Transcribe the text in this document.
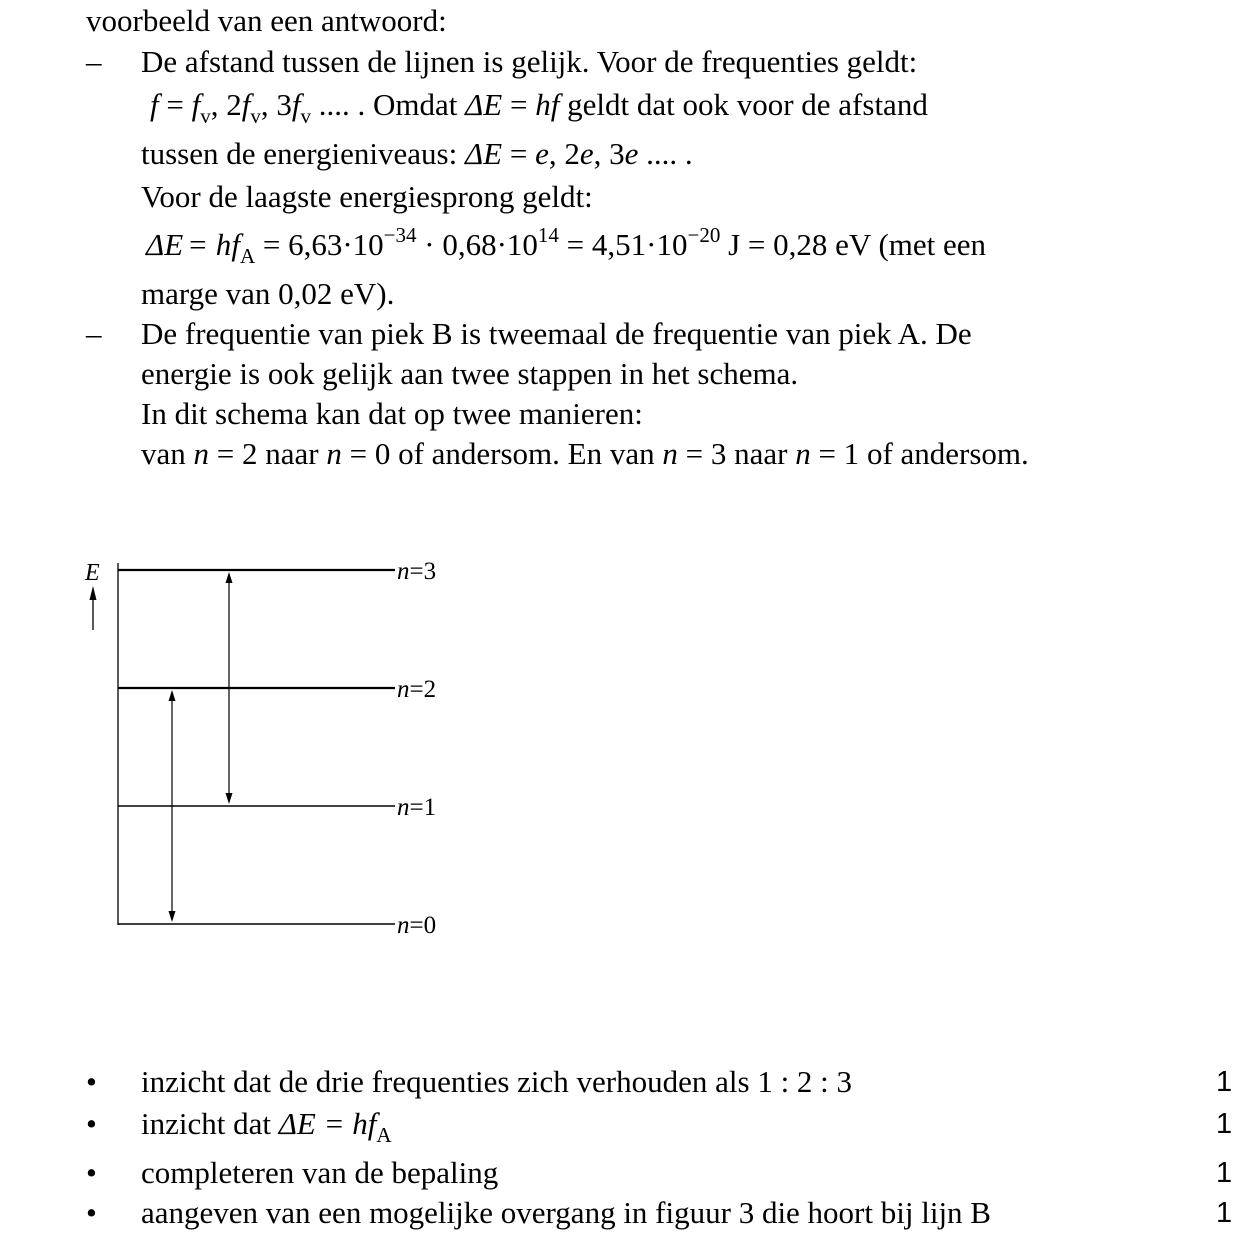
voorbeeld van een antwoord:
– De afstand tussen de lijnen is gelijk. Voor de frequenties geldt:
$f = f_v$, $2f_v$, $3f_v$ .... . Omdat ΔE = hf geldt dat ook voor de afstand
tussen de energieniveaus: ΔE = e, 2e, 3e .... .
Voor de laagste energiesprong geldt:
$\Delta E = hf_A = 6,63\cdot 10^{-34} \cdot 0,68\cdot 10^{14} = 4,51\cdot 10^{-20}$ J = 0,28 eV (met een
marge van 0,02 eV).
– De frequentie van piek B is tweemaal de frequentie van piek A. De
energie is ook gelijk aan twee stappen in het schema.
In dit schema kan dat op twee manieren:
van n = 2 naar n = 0 of andersom. En van n = 3 naar n = 1 of andersom.
E	n=3
n=2
n=1
n=0
• inzicht dat de drie frequenties zich verhouden als 1 : 2 : 3	1
• inzicht dat $\Delta E = hf_A$	1
• completeren van de bepaling	1
• aangeven van een mogelijke overgang in figuur 3 die hoort bij lijn B	1
